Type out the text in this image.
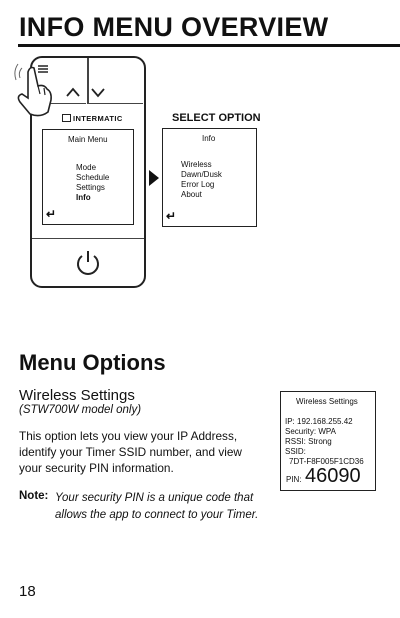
INFO MENU OVERVIEW
INTERMATIC
Main Menu
Mode
Schedule
Settings
Info
↵
SELECT OPTION
Info
Wireless
Dawn/Dusk
Error Log
About
↵
Menu Options
Wireless Settings
(STW700W model only)
This option lets you view your IP Address, identify your Timer SSID number, and view your security PIN information.
Note: Your security PIN is a unique code that allows the app to connect to your Timer.
Wireless Settings
IP: 192.168.255.42
Security: WPA
RSSI: Strong
SSID:
7DT-F8F005F1CD36
PIN: 46090
18
